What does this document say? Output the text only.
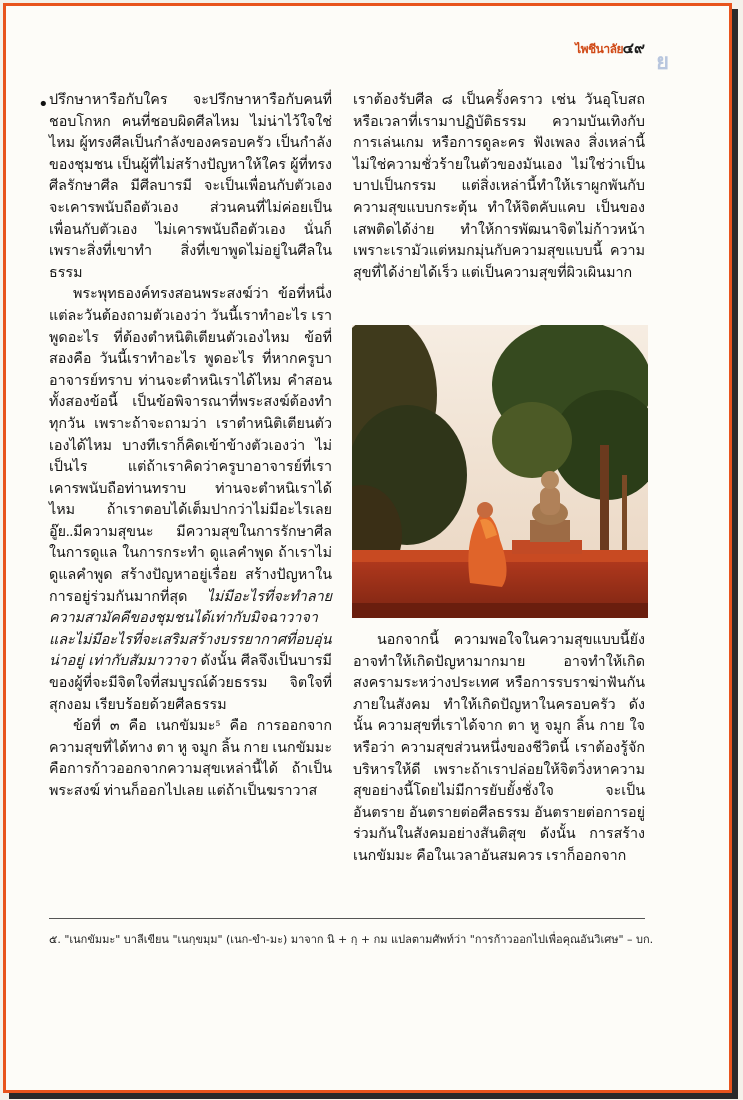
ไพชีนาลัย ๔๙
ย
• ปรึกษาหารือกับใคร จะปรึกษาหารือกับคนที่ชอบโกหก คนที่ชอบผิดศีลไหม ไม่น่าไว้ใจใช่ไหม ผู้ทรงศีลเป็นกำลังของครอบครัว เป็นกำลังของชุมชน เป็นผู้ที่ไม่สร้างปัญหาให้ใคร ผู้ที่ทรงศีลรักษาศีล มีศีลบารมี จะเป็นเพื่อนกับตัวเอง จะเคารพนับถือตัวเอง ส่วนคนที่ไม่ค่อยเป็นเพื่อนกับตัวเอง ไม่เคารพนับถือตัวเอง นั่นก็เพราะสิ่งที่เขาทำ สิ่งที่เขาพูดไม่อยู่ในศีลในธรรม

พระพุทธองค์ทรงสอนพระสงฆ์ว่า ข้อที่หนึ่ง แต่ละวันต้องถามตัวเองว่า วันนี้เราทำอะไร เราพูดอะไร ที่ต้องตำหนิติเตียนตัวเองไหม ข้อที่สองคือ วันนี้เราทำอะไร พูดอะไร ที่หากครูบาอาจารย์ทราบ ท่านจะตำหนิเราได้ไหม คำสอนทั้งสองข้อนี้ เป็นข้อพิจารณาที่พระสงฆ์ต้องทำทุกวัน เพราะถ้าจะถามว่า เราตำหนิติเตียนตัวเองได้ไหม บางทีเราก็คิดเข้าข้างตัวเองว่า ไม่เป็นไร แต่ถ้าเราคิดว่าครูบาอาจารย์ที่เราเคารพนับถือท่านทราบ ท่านจะตำหนิเราได้ไหม ถ้าเราตอบได้เต็มปากว่าไม่มีอะไรเลย อู๊ย..มีความสุขนะ มีความสุขในการรักษาศีล ในการดูแล ในการกระทำ ดูแลคำพูด ถ้าเราไม่ดูแลคำพูด สร้างปัญหาอยู่เรื่อย สร้างปัญหาในการอยู่ร่วมกันมากที่สุด ไม่มีอะไรที่จะทำลายความสามัคคีของชุมชนได้เท่ากับมิจฉาวาจา และไม่มีอะไรที่จะเสริมสร้างบรรยากาศที่อบอุ่น น่าอยู่ เท่ากับสัมมาวาจา ดังนั้น ศีลจึงเป็นบารมีของผู้ที่จะมีจิตใจที่สมบูรณ์ด้วยธรรม จิตใจที่สุกงอม เรียบร้อยด้วยศีลธรรม

ข้อที่ ๓ คือ เนกขัมมะ⁵ คือ การออกจากความสุขที่ได้ทาง ตา หู จมูก ลิ้น กาย เนกขัมมะคือการก้าวออกจากความสุขเหล่านี้ได้ ถ้าเป็นพระสงฆ์ ท่านก็ออกไปเลย แต่ถ้าเป็นฆราวาส

เราต้องรับศีล ๘ เป็นครั้งคราว เช่น วันอุโบสถ หรือเวลาที่เรามาปฏิบัติธรรม ความบันเทิงกับการเล่นเกม หรือการดูละคร ฟังเพลง สิ่งเหล่านี้ไม่ใช่ความชั่วร้ายในตัวของมันเอง ไม่ใช่ว่าเป็นบาปเป็นกรรม แต่สิ่งเหล่านี้ทำให้เราผูกพันกับความสุขแบบกระตุ้น ทำให้จิตคับแคบ เป็นของเสพติดได้ง่าย ทำให้การพัฒนาจิตไม่ก้าวหน้า เพราะเรามัวแต่หมกมุ่นกับความสุขแบบนี้ ความสุขที่ได้ง่ายได้เร็ว แต่เป็นความสุขที่ผิวเผินมาก
นอกจากนี้ ความพอใจในความสุขแบบนี้ยังอาจทำให้เกิดปัญหามากมาย อาจทำให้เกิดสงครามระหว่างประเทศ หรือการรบราฆ่าฟันกันภายในสังคม ทำให้เกิดปัญหาในครอบครัว ดังนั้น ความสุขที่เราได้จาก ตา หู จมูก ลิ้น กาย ใจ หรือว่า ความสุขส่วนหนึ่งของชีวิตนี้ เราต้องรู้จักบริหารให้ดี เพราะถ้าเราปล่อยให้จิตวิ่งหาความสุขอย่างนี้โดยไม่มีการยับยั้งชั่งใจ จะเป็นอันตราย อันตรายต่อศีลธรรม อันตรายต่อการอยู่ร่วมกันในสังคมอย่างสันติสุข ดังนั้น การสร้างเนกขัมมะ คือในเวลาอันสมควร เราก็ออกจาก
๕. "เนกขัมมะ" บาลีเขียน "เนกฺขมฺม" (เนก-ขำ-มะ) มาจาก นิ + กฺ + กม แปลตามศัพท์ว่า "การก้าวออกไปเพื่อคุณอันวิเศษ" – บก.
